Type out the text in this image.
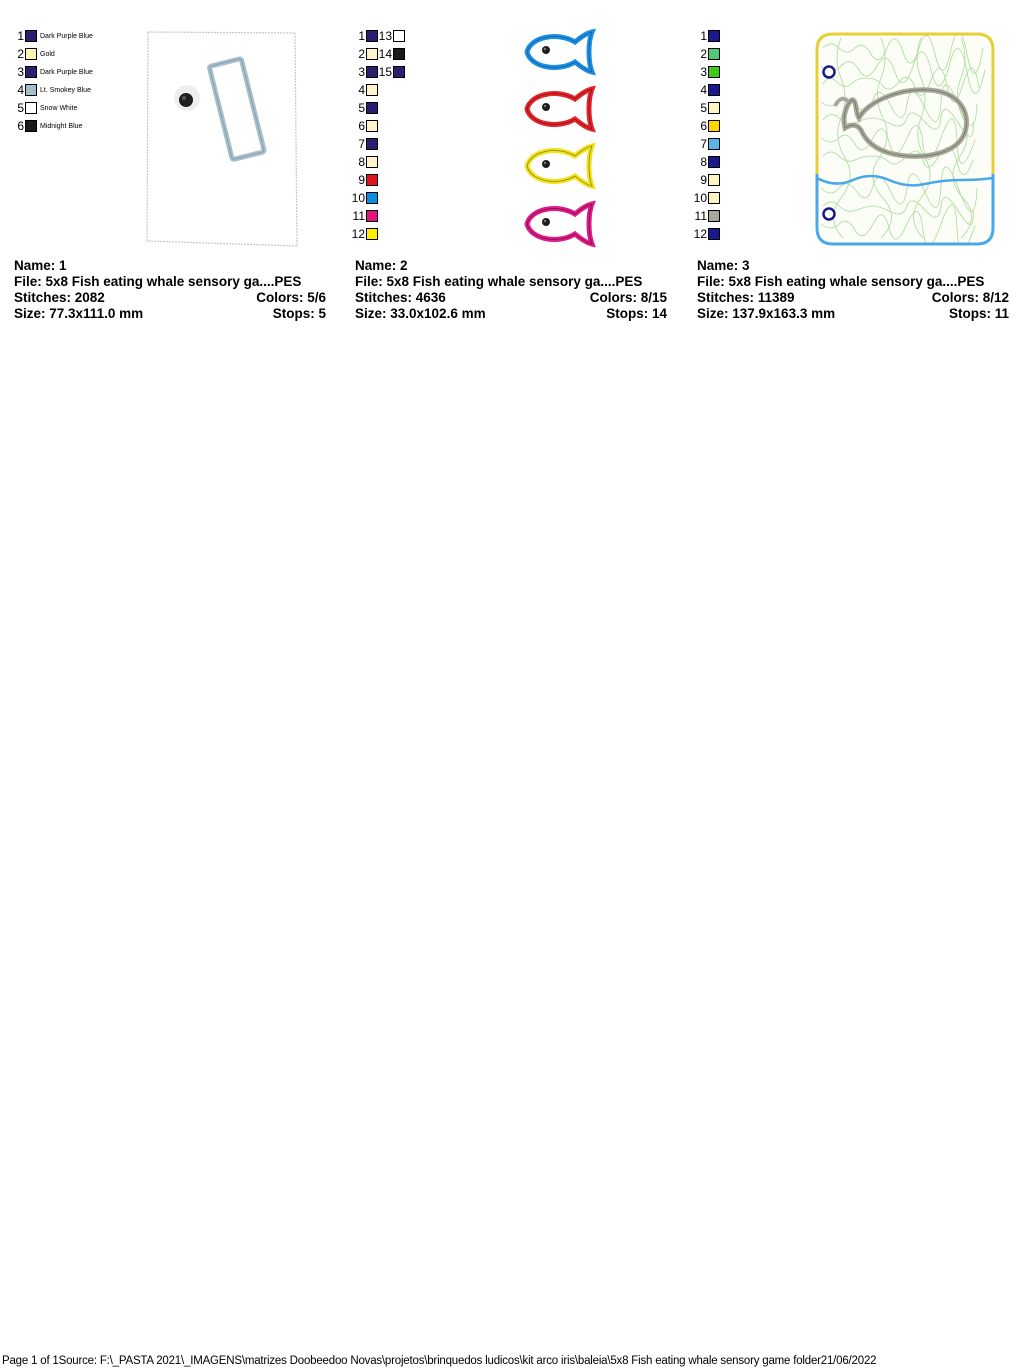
1 Dark Purple Blue
2 Gold
3 Dark Purple Blue
4 Lt. Smokey Blue
5 Snow White
6 Midnight Blue
Name: 1
File: 5x8 Fish eating whale sensory ga....PES
Stitches: 2082	Colors: 5/6
Size: 77.3x111.0 mm	Stops: 5
1
2
3
4
5
6
7
8
9
10
11
12
13
14
15
Name: 2
File: 5x8 Fish eating whale sensory ga....PES
Stitches: 4636	Colors: 8/15
Size: 33.0x102.6 mm	Stops: 14
1
2
3
4
5
6
7
8
9
10
11
12
Name: 3
File: 5x8 Fish eating whale sensory ga....PES
Stitches: 11389	Colors: 8/12
Size: 137.9x163.3 mm	Stops: 11
Page 1 of 1Source: F:\_PASTA 2021\_IMAGENS\matrizes Doobeedoo Novas\projetos\brinquedos ludicos\kit arco iris\baleia\5x8 Fish eating whale sensory game folder21/06/2022
